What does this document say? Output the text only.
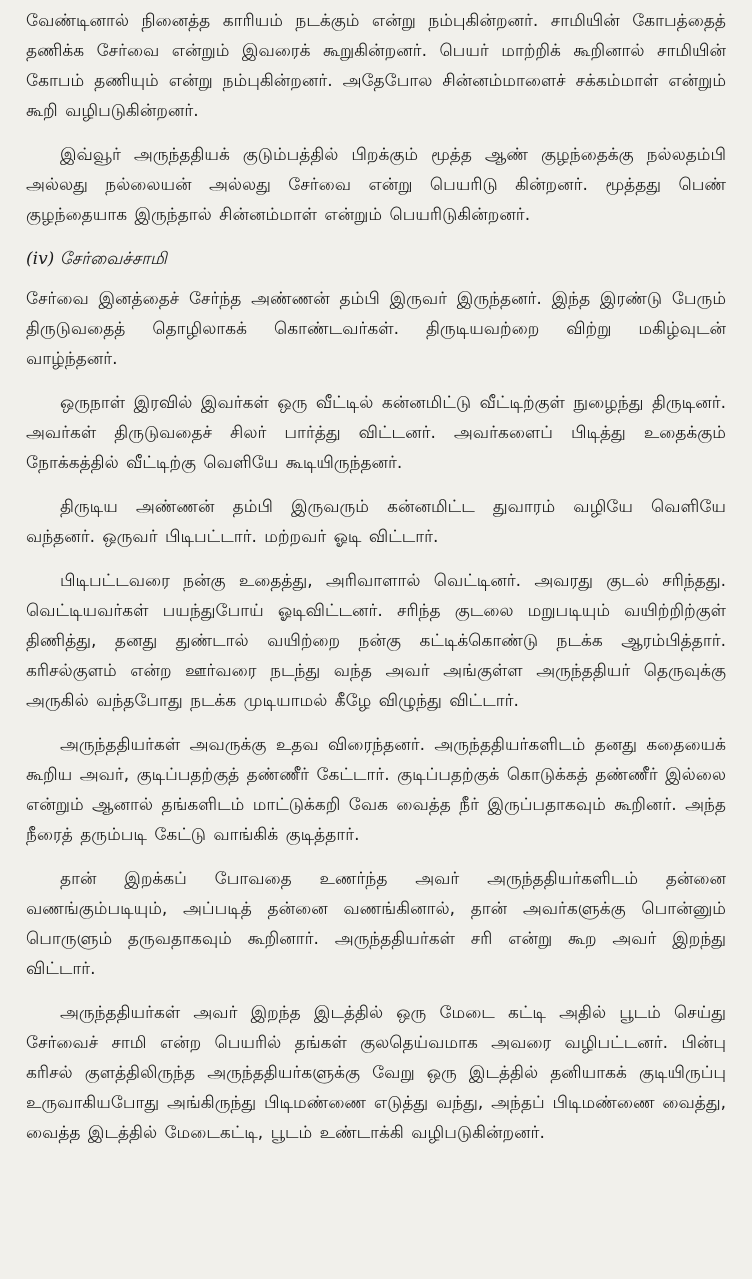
வேண்டினால் நினைத்த காரியம் நடக்கும் என்று நம்புகின்றனர். சாமியின் கோபத்தைத் தணிக்க சேர்வை என்றும் இவரைக் கூறுகின்றனர். பெயர் மாற்றிக் கூறினால் சாமியின் கோபம் தணியும் என்று நம்புகின்றனர். அதேபோல சின்னம்மாளைச் சக்கம்மாள் என்றும் கூறி வழிபடுகின்றனர்.

இவ்வூர் அருந்ததியக் குடும்பத்தில் பிறக்கும் மூத்த ஆண் குழந்தைக்கு நல்லதம்பி அல்லது நல்லையன் அல்லது சேர்வை என்று பெயரிடு கின்றனர். மூத்தது பெண் குழந்தையாக இருந்தால் சின்னம்மாள் என்றும் பெயரிடுகின்றனர்.

(iv) சேர்வைச்சாமி

சேர்வை இனத்தைச் சேர்ந்த அண்ணன் தம்பி இருவர் இருந்தனர். இந்த இரண்டு பேரும் திருடுவதைத் தொழிலாகக் கொண்டவர்கள். திருடியவற்றை விற்று மகிழ்வுடன் வாழ்ந்தனர்.

ஒருநாள் இரவில் இவர்கள் ஒரு வீட்டில் கன்னமிட்டு வீட்டிற்குள் நுழைந்து திருடினர். அவர்கள் திருடுவதைச் சிலர் பார்த்து விட்டனர். அவர்களைப் பிடித்து உதைக்கும் நோக்கத்தில் வீட்டிற்கு வெளியே கூடியிருந்தனர்.

திருடிய அண்ணன் தம்பி இருவரும் கன்னமிட்ட துவாரம் வழியே வெளியே வந்தனர். ஒருவர் பிடிபட்டார். மற்றவர் ஓடி விட்டார்.

பிடிபட்டவரை நன்கு உதைத்து, அரிவாளால் வெட்டினர். அவரது குடல் சரிந்தது. வெட்டியவர்கள் பயந்துபோய் ஓடிவிட்டனர். சரிந்த குடலை மறுபடியும் வயிற்றிற்குள் திணித்து, தனது துண்டால் வயிற்றை நன்கு கட்டிக்கொண்டு நடக்க ஆரம்பித்தார். கரிசல்குளம் என்ற ஊர்வரை நடந்து வந்த அவர் அங்குள்ள அருந்ததியர் தெருவுக்கு அருகில் வந்தபோது நடக்க முடியாமல் கீழே விழுந்து விட்டார்.

அருந்ததியர்கள் அவருக்கு உதவ விரைந்தனர். அருந்ததியர்களிடம் தனது கதையைக் கூறிய அவர், குடிப்பதற்குத் தண்ணீர் கேட்டார். குடிப்பதற்குக் கொடுக்கத் தண்ணீர் இல்லை என்றும் ஆனால் தங்களிடம் மாட்டுக்கறி வேக வைத்த நீர் இருப்பதாகவும் கூறினர். அந்த நீரைத் தரும்படி கேட்டு வாங்கிக் குடித்தார்.

தான் இறக்கப் போவதை உணர்ந்த அவர் அருந்ததியர்களிடம் தன்னை வணங்கும்படியும், அப்படித் தன்னை வணங்கினால், தான் அவர்களுக்கு பொன்னும் பொருளும் தருவதாகவும் கூறினார். அருந்ததியர்கள் சரி என்று கூற அவர் இறந்து விட்டார்.

அருந்ததியர்கள் அவர் இறந்த இடத்தில் ஒரு மேடை கட்டி அதில் பூடம் செய்து சேர்வைச் சாமி என்ற பெயரில் தங்கள் குலதெய்வமாக அவரை வழிபட்டனர். பின்பு கரிசல் குளத்திலிருந்த அருந்ததியர்களுக்கு வேறு ஒரு இடத்தில் தனியாகக் குடியிருப்பு உருவாகியபோது அங்கிருந்து பிடிமண்ணை எடுத்து வந்து, அந்தப் பிடிமண்ணை வைத்து, வைத்த இடத்தில் மேடைகட்டி, பூடம் உண்டாக்கி வழிபடுகின்றனர்.
